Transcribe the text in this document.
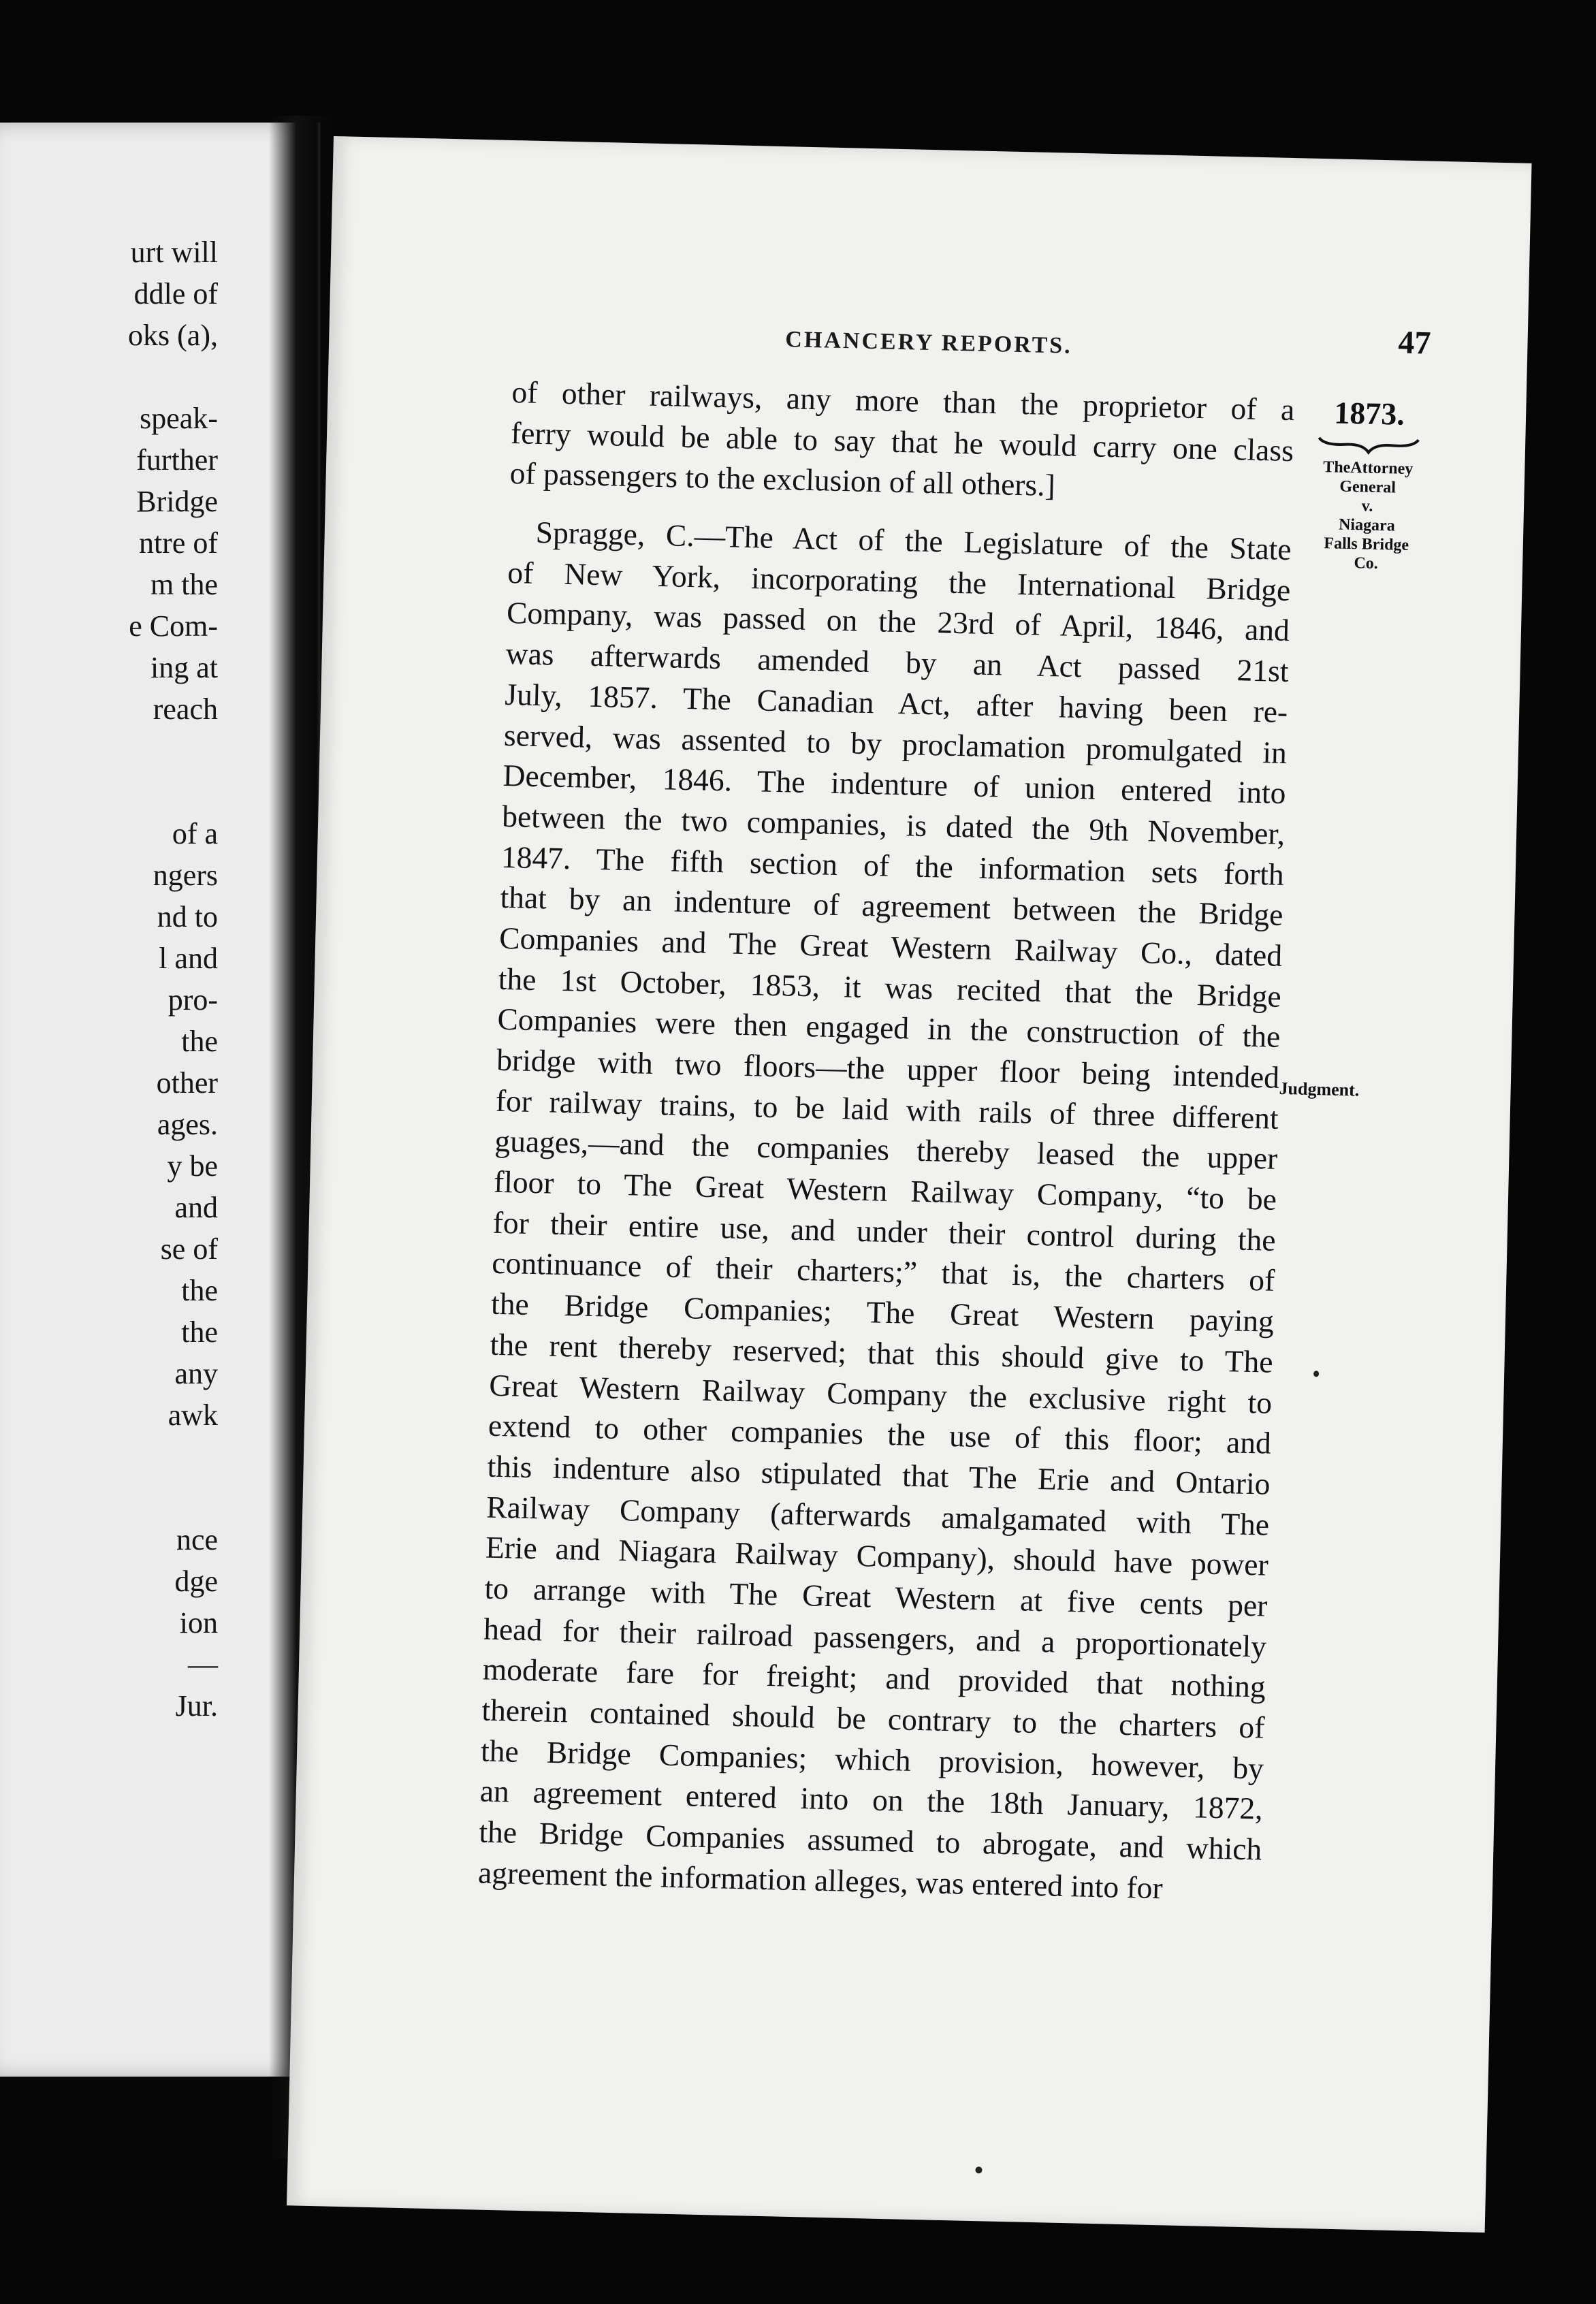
urt will
ddle of
oks (a),
speak-
further
Bridge
ntre of
m the
e Com-
ing at
reach
of a
ngers
nd to
l and
pro-
the
other
ages.
y be
and
se of
the
the
any
awk
nce
dge
ion
—
Jur.
CHANCERY REPORTS.	47
of other railways, any more than the proprietor of a
ferry would be able to say that he would carry one class
of passengers to the exclusion of all others.]
Spragge, C.—The Act of the Legislature of the State
of New York, incorporating the International Bridge
Company, was passed on the 23rd of April, 1846, and
was afterwards amended by an Act passed 21st
July, 1857. The Canadian Act, after having been re-
served, was assented to by proclamation promulgated in
December, 1846. The indenture of union entered into
between the two companies, is dated the 9th November,
1847. The fifth section of the information sets forth
that by an indenture of agreement between the Bridge
Companies and The Great Western Railway Co., dated
the 1st October, 1853, it was recited that the Bridge
Companies were then engaged in the construction of the
bridge with two floors—the upper floor being intended
for railway trains, to be laid with rails of three different
guages,—and the companies thereby leased the upper
floor to The Great Western Railway Company, “to be
for their entire use, and under their control during the
continuance of their charters;” that is, the charters of
the Bridge Companies; The Great Western paying
the rent thereby reserved; that this should give to The
Great Western Railway Company the exclusive right to
extend to other companies the use of this floor; and
this indenture also stipulated that The Erie and Ontario
Railway Company (afterwards amalgamated with The
Erie and Niagara Railway Company), should have power
to arrange with The Great Western at five cents per
head for their railroad passengers, and a proportionately
moderate fare for freight; and provided that nothing
therein contained should be contrary to the charters of
the Bridge Companies; which provision, however, by
an agreement entered into on the 18th January, 1872,
the Bridge Companies assumed to abrogate, and which
agreement the information alleges, was entered into for
1873.
TheAttorney
General
v.
Niagara
Falls Bridge
Co.
Judgment.
